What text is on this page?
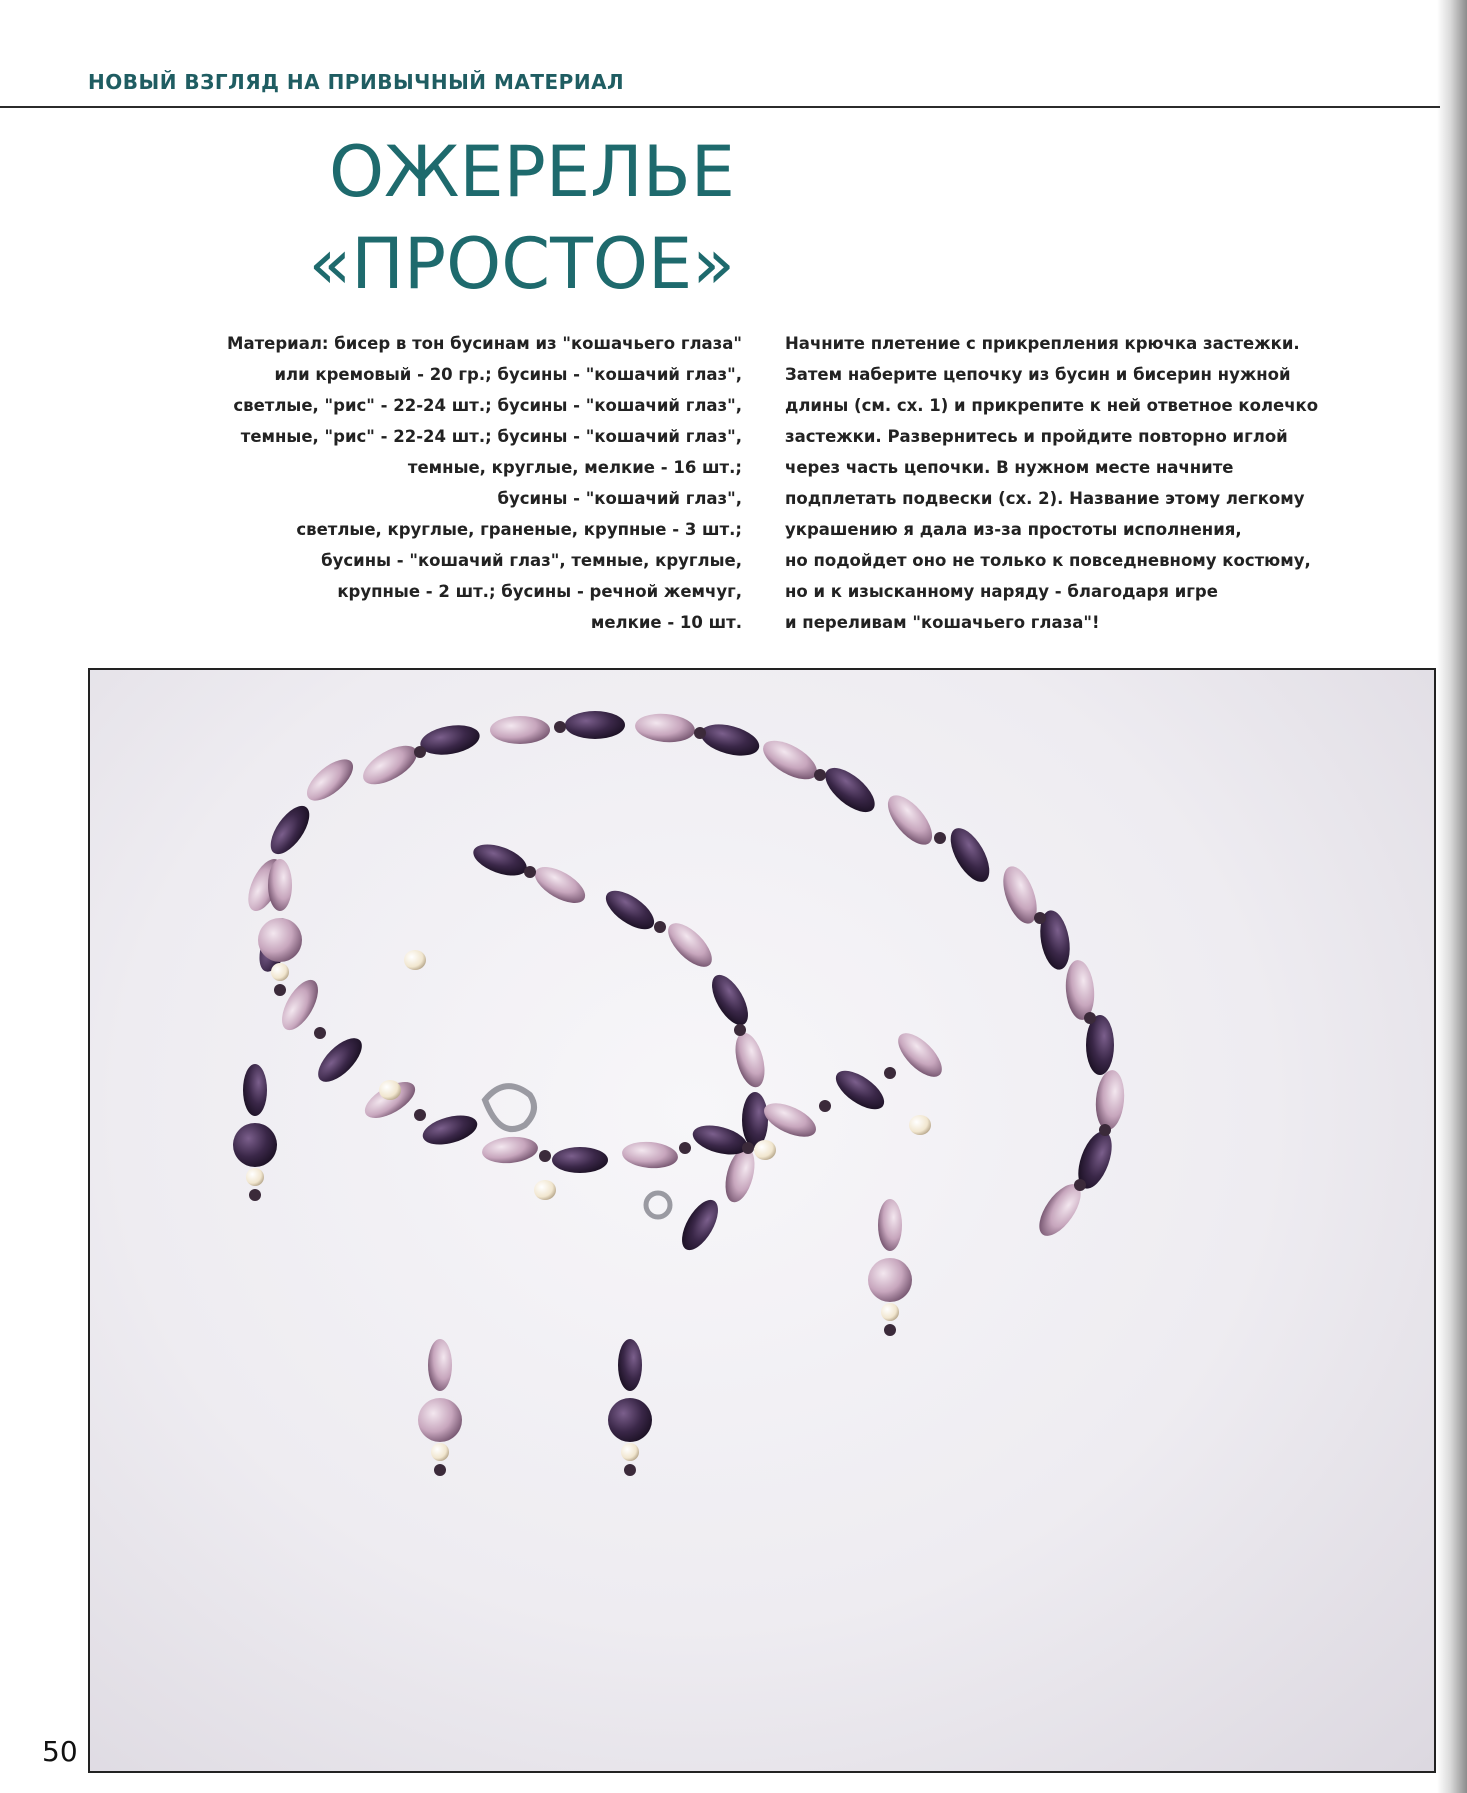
НОВЫЙ ВЗГЛЯД НА ПРИВЫЧНЫЙ МАТЕРИАЛ
ОЖЕРЕЛЬЕ
«ПРОСТОЕ»
Материал: бисер в тон бусинам из "кошачьего глаза"
или кремовый - 20 гр.; бусины - "кошачий глаз",
светлые, "рис" - 22-24 шт.; бусины - "кошачий глаз",
темные, "рис" - 22-24 шт.; бусины - "кошачий глаз",
темные, круглые, мелкие - 16 шт.;
бусины - "кошачий глаз",
светлые, круглые, граненые, крупные - 3 шт.;
бусины - "кошачий глаз", темные, круглые,
крупные - 2 шт.; бусины - речной жемчуг,
мелкие - 10 шт.
Начните плетение с прикрепления крючка застежки.
Затем наберите цепочку из бусин и бисерин нужной
длины (см. сх. 1) и прикрепите к ней ответное колечко
застежки. Развернитесь и пройдите повторно иглой
через часть цепочки. В нужном месте начните
подплетать подвески (сх. 2). Название этому легкому
украшению я дала из-за простоты исполнения,
но подойдет оно не только к повседневному костюму,
но и к изысканному наряду - благодаря игре
и переливам "кошачьего глаза"!
50
